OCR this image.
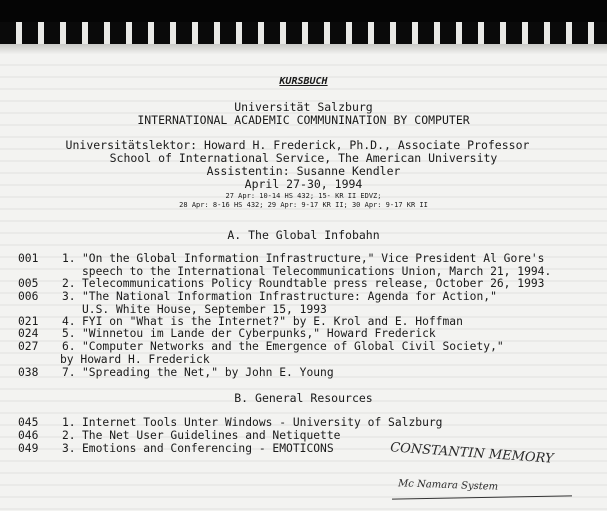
KURSBUCH
Universität Salzburg
INTERNATIONAL ACADEMIC COMMUNINATION BY COMPUTER
Universitätslektor: Howard H. Frederick, Ph.D., Associate Professor
School of International Service, The American University
Assistentin: Susanne Kendler
April 27-30, 1994
27 Apr: 10-14 HS 432; 15- KR II EDVZ;
28 Apr: 8-16 HS 432; 29 Apr: 9-17 KR II; 30 Apr: 9-17 KR II
A. The Global Infobahn
001 1. "On the Global Information Infrastructure," Vice President Al Gore's
speech to the International Telecommunications Union, March 21, 1994.
005 2. Telecommunications Policy Roundtable press release, October 26, 1993
006 3. "The National Information Infrastructure: Agenda for Action,"
U.S. White House, September 15, 1993
021 4. FYI on "What is the Internet?" by E. Krol and E. Hoffman
024 5. "Winnetou im Lande der Cyberpunks," Howard Frederick
027 6. "Computer Networks and the Emergence of Global Civil Society,"
by Howard H. Frederick
038 7. "Spreading the Net," by John E. Young
B. General Resources
045 1. Internet Tools Unter Windows - University of Salzburg
046 2. The Net User Guidelines and Netiquette
049 3. Emotions and Conferencing - EMOTICONS	CONSTANTIN MEMORY
Mc Namara System
